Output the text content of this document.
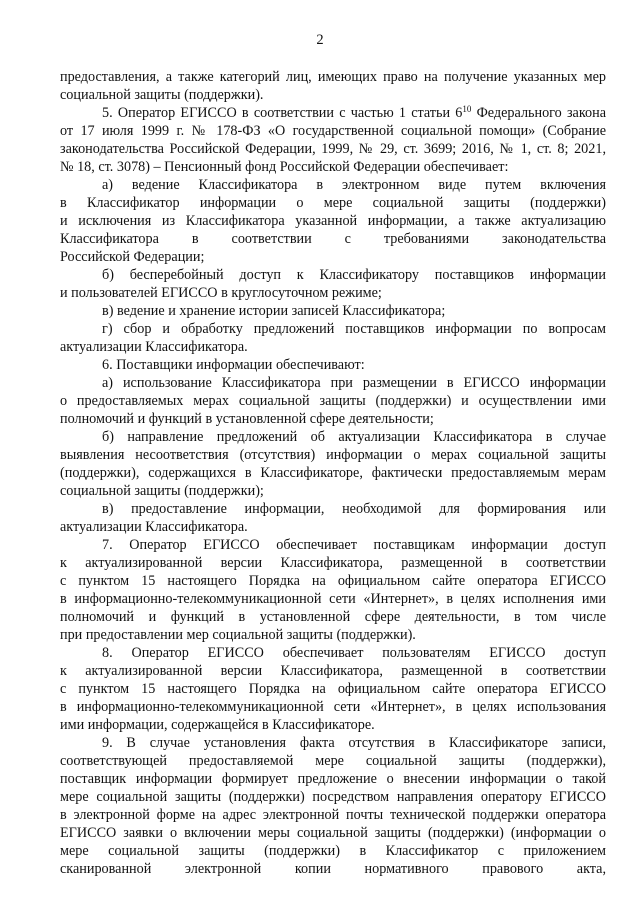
2
предоставления, а также категорий лиц, имеющих право на получение указанных мер
социальной защиты (поддержки).
5. Оператор ЕГИССО в соответствии с частью 1 статьи $6^{10}$ Федерального закона
от 17 июля 1999 г. № 178-ФЗ «О государственной социальной помощи» (Собрание
законодательства Российской Федерации, 1999, № 29, ст. 3699; 2016, № 1, ст. 8; 2021,
№ 18, ст. 3078) – Пенсионный фонд Российской Федерации обеспечивает:
а) ведение Классификатора в электронном виде путем включения
в Классификатор информации о мере социальной защиты (поддержки)
и исключения из Классификатора указанной информации, а также актуализацию
Классификатора в соответствии с требованиями законодательства
Российской Федерации;
б) бесперебойный доступ к Классификатору поставщиков информации
и пользователей ЕГИССО в круглосуточном режиме;
в) ведение и хранение истории записей Классификатора;
г) сбор и обработку предложений поставщиков информации по вопросам
актуализации Классификатора.
6. Поставщики информации обеспечивают:
а) использование Классификатора при размещении в ЕГИССО информации
о предоставляемых мерах социальной защиты (поддержки) и осуществлении ими
полномочий и функций в установленной сфере деятельности;
б) направление предложений об актуализации Классификатора в случае
выявления несоответствия (отсутствия) информации о мерах социальной защиты
(поддержки), содержащихся в Классификаторе, фактически предоставляемым мерам
социальной защиты (поддержки);
в) предоставление информации, необходимой для формирования или
актуализации Классификатора.
7. Оператор ЕГИССО обеспечивает поставщикам информации доступ
к актуализированной версии Классификатора, размещенной в соответствии
с пунктом 15 настоящего Порядка на официальном сайте оператора ЕГИССО
в информационно-телекоммуникационной сети «Интернет», в целях исполнения ими
полномочий и функций в установленной сфере деятельности, в том числе
при предоставлении мер социальной защиты (поддержки).
8. Оператор ЕГИССО обеспечивает пользователям ЕГИССО доступ
к актуализированной версии Классификатора, размещенной в соответствии
с пунктом 15 настоящего Порядка на официальном сайте оператора ЕГИССО
в информационно-телекоммуникационной сети «Интернет», в целях использования
ими информации, содержащейся в Классификаторе.
9. В случае установления факта отсутствия в Классификаторе записи,
соответствующей предоставляемой мере социальной защиты (поддержки),
поставщик информации формирует предложение о внесении информации о такой
мере социальной защиты (поддержки) посредством направления оператору ЕГИССО
в электронной форме на адрес электронной почты технической поддержки оператора
ЕГИССО заявки о включении меры социальной защиты (поддержки) (информации о
мере социальной защиты (поддержки) в Классификатор с приложением
сканированной электронной копии нормативного правового акта,
